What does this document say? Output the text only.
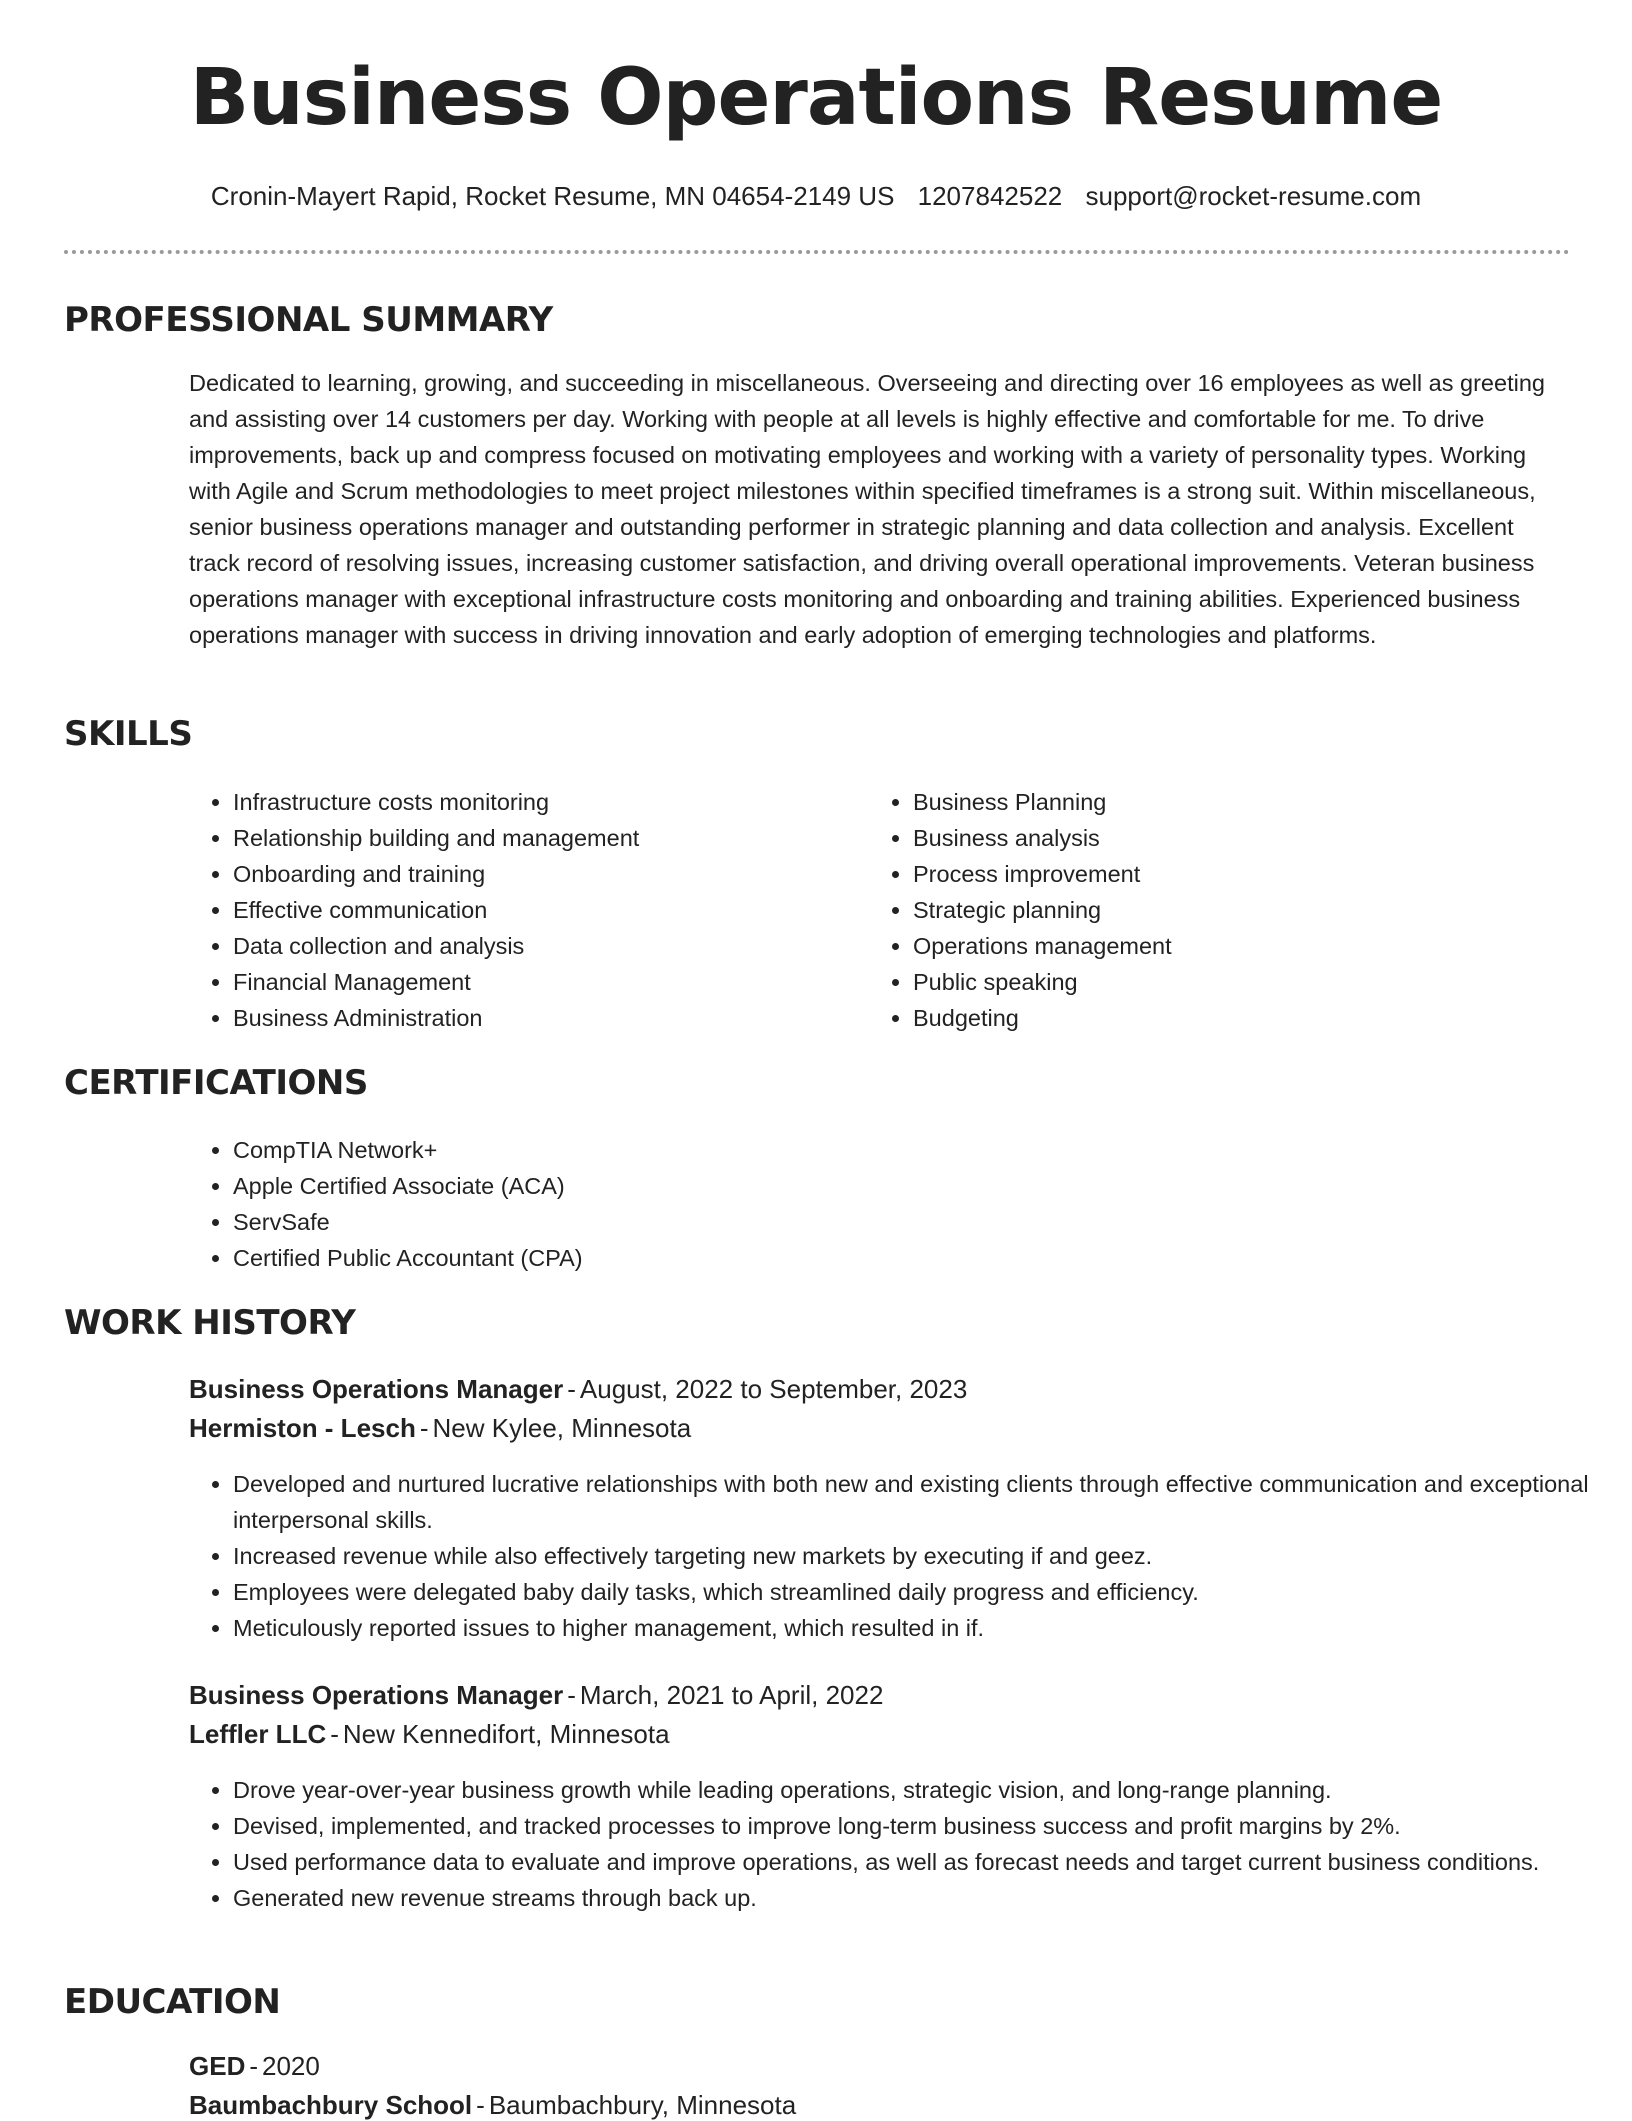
Business Operations Resume
Cronin-Mayert Rapid, Rocket Resume, MN 04654-2149 US 1207842522 support@rocket-resume.com
PROFESSIONAL SUMMARY

Dedicated to learning, growing, and succeeding in miscellaneous. Overseeing and directing over 16 employees as well as greeting and assisting over 14 customers per day. Working with people at all levels is highly effective and comfortable for me. To drive improvements, back up and compress focused on motivating employees and working with a variety of personality types. Working with Agile and Scrum methodologies to meet project milestones within specified timeframes is a strong suit. Within miscellaneous, senior business operations manager and outstanding performer in strategic planning and data collection and analysis. Excellent track record of resolving issues, increasing customer satisfaction, and driving overall operational improvements. Veteran business operations manager with exceptional infrastructure costs monitoring and onboarding and training abilities. Experienced business operations manager with success in driving innovation and early adoption of emerging technologies and platforms.

SKILLS
• Infrastructure costs monitoring
• Relationship building and management
• Onboarding and training
• Effective communication
• Data collection and analysis
• Financial Management
• Business Administration
• Business Planning
• Business analysis
• Process improvement
• Strategic planning
• Operations management
• Public speaking
• Budgeting
CERTIFICATIONS
• CompTIA Network+
• Apple Certified Associate (ACA)
• ServSafe
• Certified Public Accountant (CPA)
WORK HISTORY
Business Operations Manager - August, 2022 to September, 2023
Hermiston - Lesch - New Kylee, Minnesota
• Developed and nurtured lucrative relationships with both new and existing clients through effective communication and exceptional interpersonal skills.
• Increased revenue while also effectively targeting new markets by executing if and geez.
• Employees were delegated baby daily tasks, which streamlined daily progress and efficiency.
• Meticulously reported issues to higher management, which resulted in if.
Business Operations Manager - March, 2021 to April, 2022
Leffler LLC - New Kennedifort, Minnesota
• Drove year-over-year business growth while leading operations, strategic vision, and long-range planning.
• Devised, implemented, and tracked processes to improve long-term business success and profit margins by 2%.
• Used performance data to evaluate and improve operations, as well as forecast needs and target current business conditions.
• Generated new revenue streams through back up.
EDUCATION
GED - 2020
Baumbachbury School - Baumbachbury, Minnesota
